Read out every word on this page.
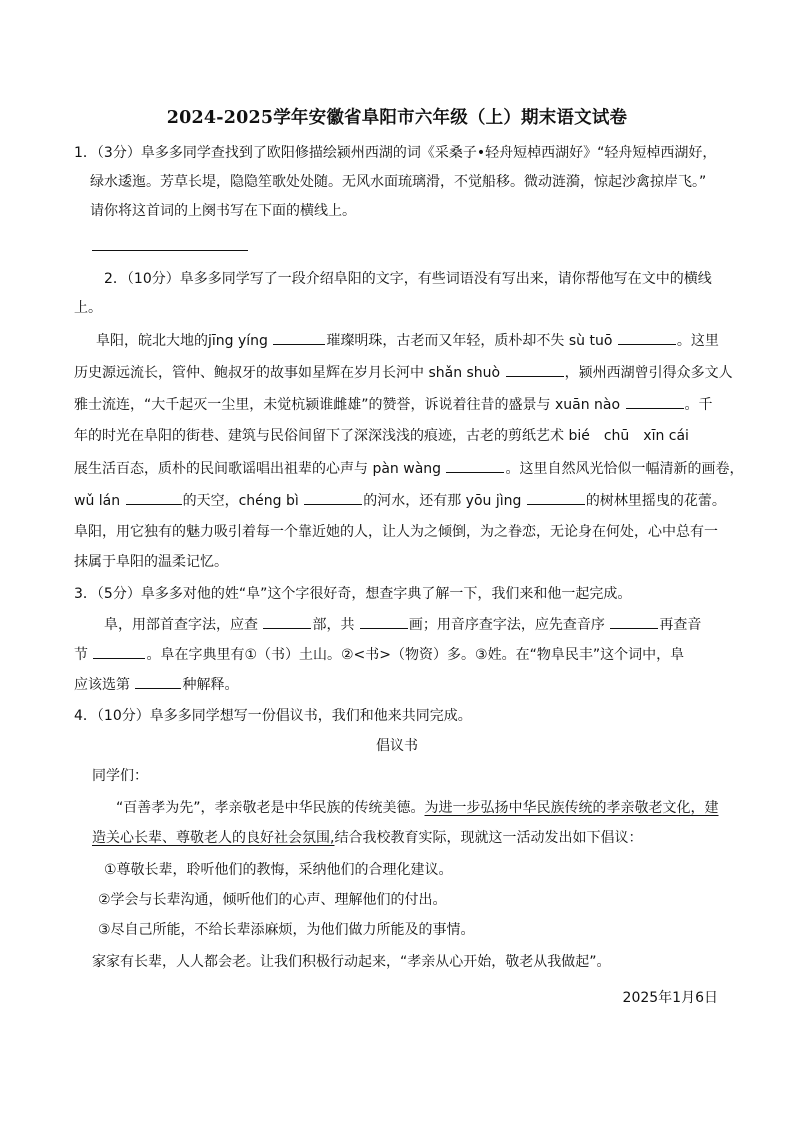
2024-2025学年安徽省阜阳市六年级（上）期末语文试卷
1．（3分）阜多多同学查找到了欧阳修描绘颍州西湖的词《采桑子•轻舟短棹西湖好》“轻舟短棹西湖好，
绿水逶迤。芳草长堤，隐隐笙歌处处随。无风水面琉璃滑，不觉船移。微动涟漪，惊起沙禽掠岸飞。”
请你将这首词的上阕书写在下面的横线上。
2．（10分）阜多多同学写了一段介绍阜阳的文字，有些词语没有写出来，请你帮他写在文中的横线
上。
阜阳，皖北大地的jīng yíng	璀璨明珠，古老而又年轻，质朴却不失 sù tuō	。这里
历史源远流长，管仲、鲍叔牙的故事如星辉在岁月长河中 shǎn shuò	，颍州西湖曾引得众多文人
雅士流连，“大千起灭一尘里，未觉杭颍谁雌雄”的赞誉，诉说着往昔的盛景与 xuān nào	。千
年的时光在阜阳的街巷、建筑与民俗间留下了深深浅浅的痕迹，古老的剪纸艺术 bié　chū　xīn cái
展生活百态，质朴的民间歌谣唱出祖辈的心声与 pàn wàng	。这里自然风光恰似一幅清新的画卷，
wǔ lán	的天空，chéng bì	的河水，还有那 yōu jìng	的树林里摇曳的花蕾。
阜阳，用它独有的魅力吸引着每一个靠近她的人，让人为之倾倒，为之眷恋，无论身在何处，心中总有一
抹属于阜阳的温柔记忆。
3．（5分）阜多多对他的姓“阜”这个字很好奇，想查字典了解一下，我们来和他一起完成。
阜，用部首查字法，应查	部，共	画；用音序查字法，应先查音序	再查音
节	。阜在字典里有①（书）土山。②<书>（物资）多。③姓。在“物阜民丰”这个词中，阜
应该选第	种解释。
4．（10分）阜多多同学想写一份倡议书，我们和他来共同完成。
倡议书
同学们：
“百善孝为先”，孝亲敬老是中华民族的传统美德。为进一步弘扬中华民族传统的孝亲敬老文化，建
造关心长辈、尊敬老人的良好社会氛围,结合我校教育实际，现就这一活动发出如下倡议：
①尊敬长辈，聆听他们的教悔，采纳他们的合理化建议。
②学会与长辈沟通，倾听他们的心声、理解他们的付出。
③尽自己所能，不给长辈添麻烦，为他们做力所能及的事情。
家家有长辈，人人都会老。让我们积极行动起来，“孝亲从心开始，敬老从我做起”。
2025年1月6日
